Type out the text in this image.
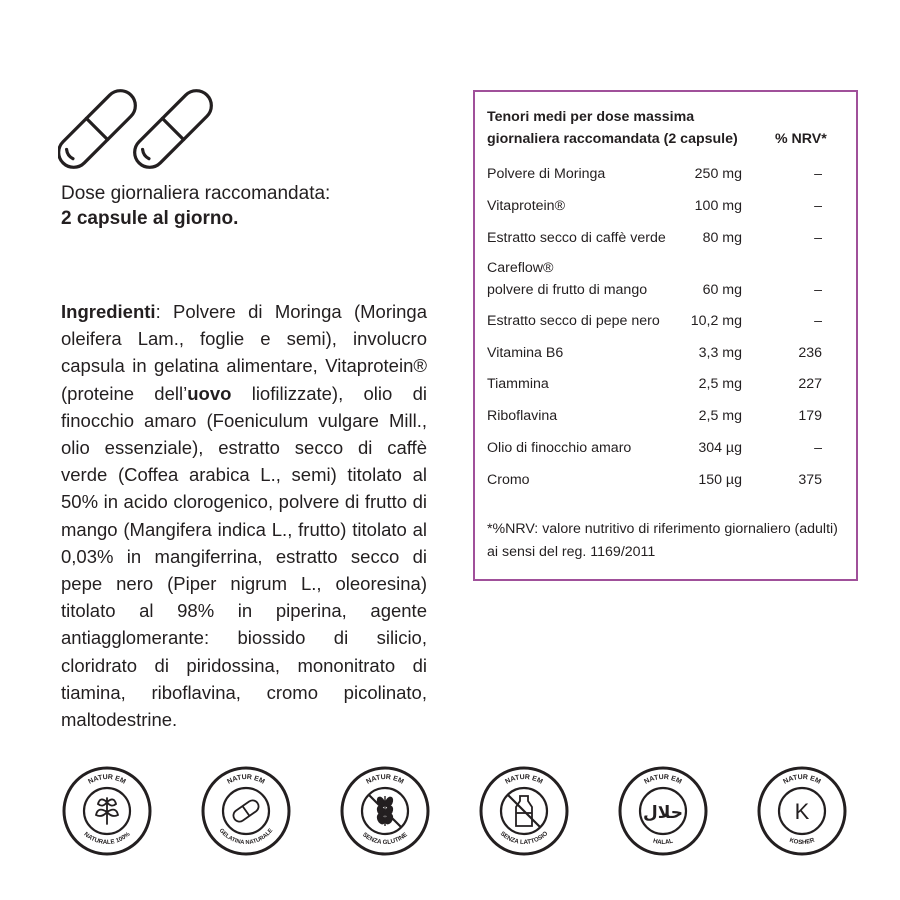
Dose giornaliera raccomandata:
2 capsule al giorno.
Ingredienti: Polvere di Moringa (Moringa oleifera Lam., foglie e semi), involucro capsula in gelatina alimentare, Vitaprotein® (proteine dell’uovo liofilizzate), olio di finocchio amaro (Foeniculum vulgare Mill., olio essenziale), estratto secco di caffè verde (Coffea arabica L., semi) titolato al 50% in acido clorogenico, polvere di frutto di mango (Mangifera indica L., frutto) titolato al 0,03% in mangiferrina, estratto secco di pepe nero (Piper nigrum L., oleoresina) titolato al 98% in piperina, agente antiagglomerante: biossido di silicio, cloridrato di piridossina, mononitrato di tiamina, riboflavina, cromo picolinato, maltodestrine.
Tenori medi per dose massima
giornaliera raccomandata (2 capsule)	% NRV*
Polvere di Moringa	250 mg	–
Vitaprotein®	100 mg	–
Estratto secco di caffè verde	80 mg	–
Careflow®
polvere di frutto di mango	60 mg	–
Estratto secco di pepe nero	10,2 mg	–
Vitamina B6	3,3 mg	236
Tiammina	2,5 mg	227
Riboflavina	2,5 mg	179
Olio di finocchio amaro	304 µg	–
Cromo	150 µg	375
*%NRV: valore nutritivo di riferimento giornaliero (adulti)
ai sensi del reg. 1169/2011
NATUR EM
NATURALE 100%
NATUR EM
GELATINA NATURALE
NATUR EM
SENZA GLUTINE
NATUR EM
SENZA LATTOSIO
NATUR EM
HALAL
حلال
NATUR EM
KOSHER
K
